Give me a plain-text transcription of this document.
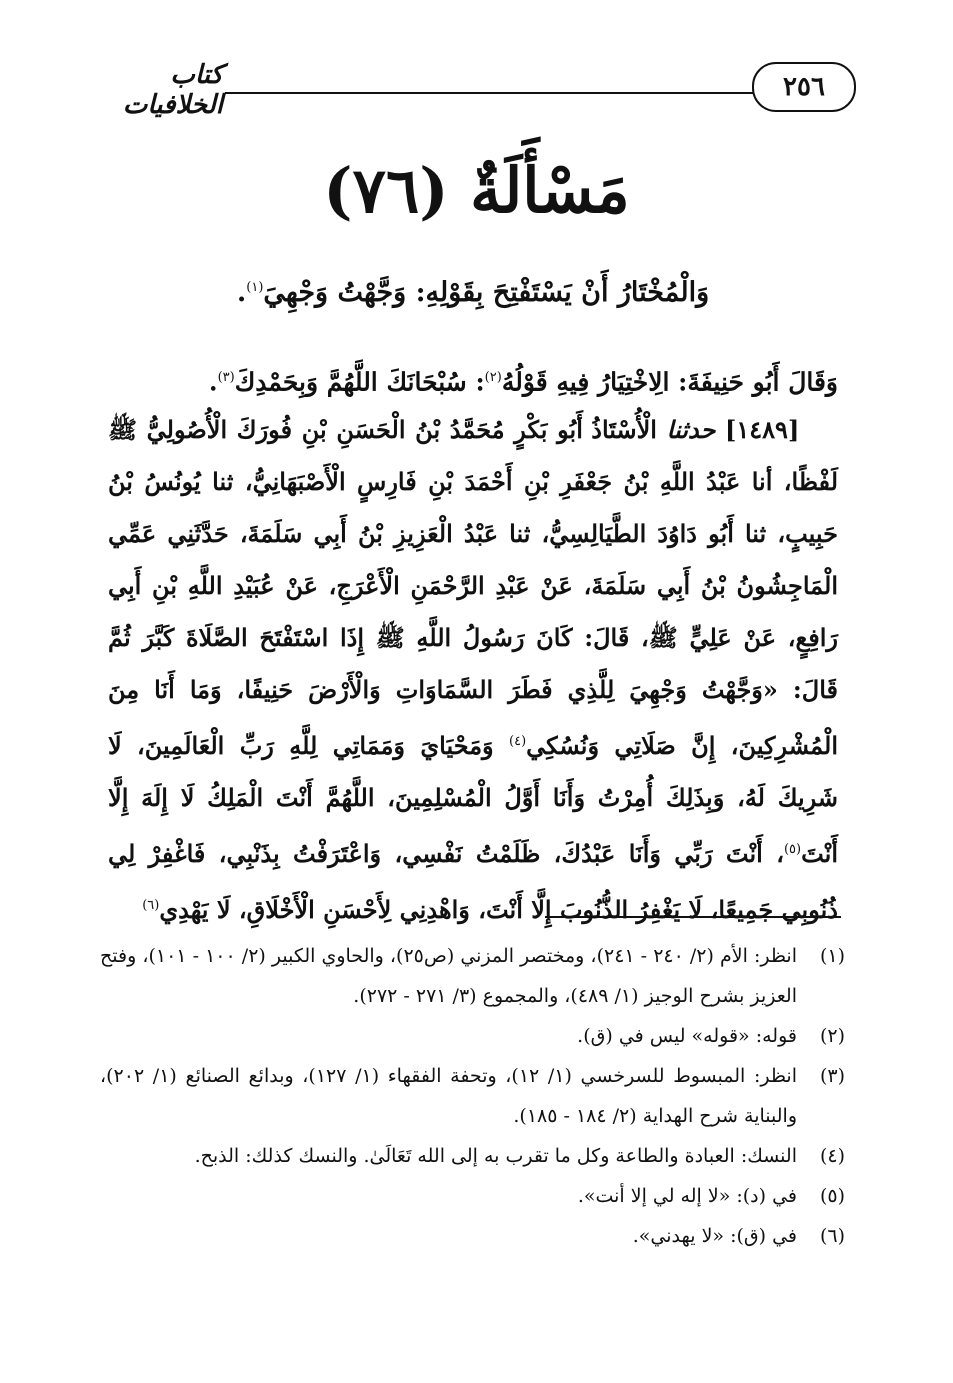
كتاب الخلافيات
٢٥٦
مَسْأَلَةٌ (٧٦)
وَالْمُخْتَارُ أَنْ يَسْتَفْتِحَ بِقَوْلِهِ: وَجَّهْتُ وَجْهِيَ$^{(١)}$.
وَقَالَ أَبُو حَنِيفَةَ: الِاخْتِيَارُ فِيهِ قَوْلُهُ$^{(٢)}$: سُبْحَانَكَ اللَّهُمَّ وَبِحَمْدِكَ$^{(٣)}$.
[١٤٨٩] حدثنا الْأُسْتَاذُ أَبُو بَكْرٍ مُحَمَّدُ بْنُ الْحَسَنِ بْنِ فُورَكَ الْأُصُولِيُّ ﷺ لَفْظًا، أنا عَبْدُ اللَّهِ بْنُ جَعْفَرِ بْنِ أَحْمَدَ بْنِ فَارِسٍ الْأَصْبَهَانِيُّ، ثنا يُونُسُ بْنُ حَبِيبٍ، ثنا أَبُو دَاوُدَ الطَّيَالِسِيُّ، ثنا عَبْدُ الْعَزِيزِ بْنُ أَبِي سَلَمَةَ، حَدَّثَنِي عَمِّي الْمَاجِشُونُ بْنُ أَبِي سَلَمَةَ، عَنْ عَبْدِ الرَّحْمَنِ الْأَعْرَجِ، عَنْ عُبَيْدِ اللَّهِ بْنِ أَبِي رَافِعٍ، عَنْ عَلِيٍّ ﷺ، قَالَ: كَانَ رَسُولُ اللَّهِ ﷺ إِذَا اسْتَفْتَحَ الصَّلَاةَ كَبَّرَ ثُمَّ قَالَ: «وَجَّهْتُ وَجْهِيَ لِلَّذِي فَطَرَ السَّمَاوَاتِ وَالْأَرْضَ حَنِيفًا، وَمَا أَنَا مِنَ الْمُشْرِكِينَ، إِنَّ صَلَاتِي وَنُسُكِي$^{(٤)}$ وَمَحْيَايَ وَمَمَاتِي لِلَّهِ رَبِّ الْعَالَمِينَ، لَا شَرِيكَ لَهُ، وَبِذَلِكَ أُمِرْتُ وَأَنَا أَوَّلُ الْمُسْلِمِينَ، اللَّهُمَّ أَنْتَ الْمَلِكُ لَا إِلَهَ إِلَّا أَنْتَ$^{(٥)}$، أَنْتَ رَبِّي وَأَنَا عَبْدُكَ، ظَلَمْتُ نَفْسِي، وَاعْتَرَفْتُ بِذَنْبِي، فَاغْفِرْ لِي ذُنُوبِي جَمِيعًا، لَا يَغْفِرُ الذُّنُوبَ إِلَّا أَنْتَ، وَاهْدِنِي لِأَحْسَنِ الْأَخْلَاقِ، لَا يَهْدِي$^{(٦)}$
(١)
انظر: الأم (٢/ ٢٤٠ - ٢٤١)، ومختصر المزني (ص٢٥)، والحاوي الكبير (٢/ ١٠٠ - ١٠١)، وفتح العزيز بشرح الوجيز (١/ ٤٨٩)، والمجموع (٣/ ٢٧١ - ٢٧٢).
(٢)
قوله: «قوله» ليس في (ق).
(٣)
انظر: المبسوط للسرخسي (١/ ١٢)، وتحفة الفقهاء (١/ ١٢٧)، وبدائع الصنائع (١/ ٢٠٢)، والبناية شرح الهداية (٢/ ١٨٤ - ١٨٥).
(٤)
النسك: العبادة والطاعة وكل ما تقرب به إلى الله تَعَالَىٰ. والنسك كذلك: الذبح.
(٥)
في (د): «لا إله لي إلا أنت».
(٦)
في (ق): «لا يهدني».
